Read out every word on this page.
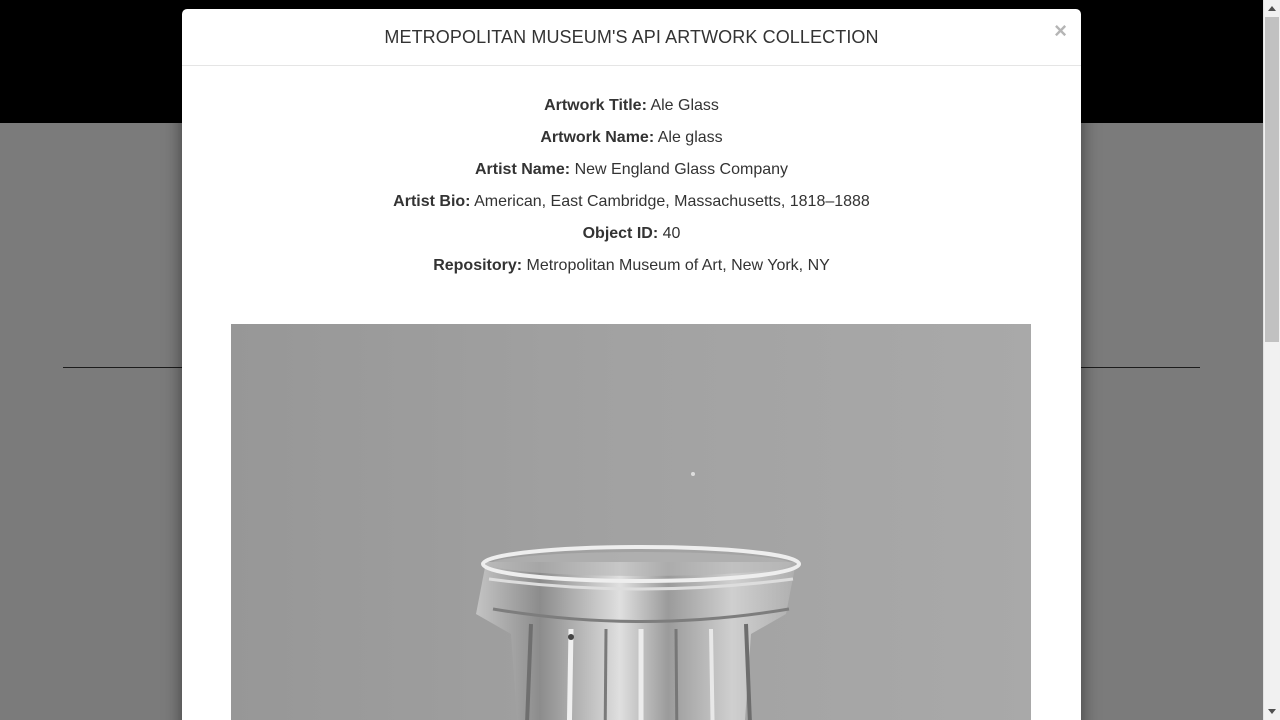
METROPOLITAN MUSEUM'S API ARTWORK COLLECTION	×
Artwork Title: Ale Glass
Artwork Name: Ale glass
Artist Name: New England Glass Company
Artist Bio: American, East Cambridge, Massachusetts, 1818–1888
Object ID: 40
Repository: Metropolitan Museum of Art, New York, NY
